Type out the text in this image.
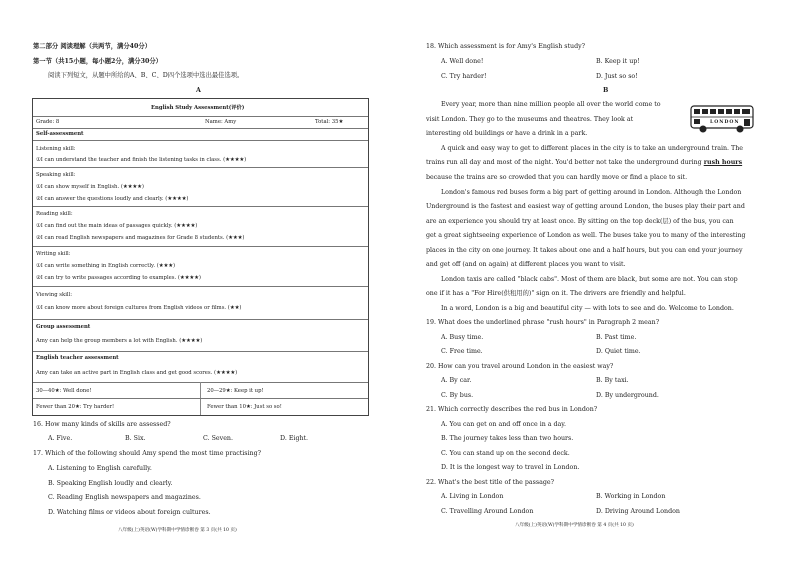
第二部分 阅读理解（共两节，满分40分）
第一节（共15小题，每小题2分，满分30分）
阅读下列短文，从题中所给的A、B、C、D四个选项中选出最佳选项。
A
English Study Assessment(评价)
Grade: 8	Name: Amy	Total: 35★
Self-assessment
Listening skill:
①I can understand the teacher and finish the listening tasks in class. (★★★★)
Speaking skill:
①I can show myself in English. (★★★★)
②I can answer the questions loudly and clearly. (★★★★)
Reading skill:
①I can find out the main ideas of passages quickly. (★★★★)
②I can read English newspapers and magazines for Grade 8 students. (★★★)
Writing skill:
①I can write something in English correctly. (★★★)
②I can try to write passages according to examples. (★★★★)
Viewing skill:
①I can know more about foreign cultures from English videos or films. (★★)
Group assessment
Amy can help the group members a lot with English. (★★★★)
English teacher assessment
Amy can take an active part in English class and get good scores. (★★★★)
30—40★: Well done!	20—29★: Keep it up!
Fewer than 20★: Try harder!	Fewer than 10★: Just so so!
16. How many kinds of skills are assessed?
A. Five.	B. Six.	C. Seven.	D. Eight.
17. Which of the following should Amy spend the most time practising?
A. Listening to English carefully.
B. Speaking English loudly and clearly.
C. Reading English newspapers and magazines.
D. Watching films or videos about foreign cultures.
八年级(上)英语(W)学科期中学情诊断卷 第 3 页(共 10 页)
18. Which assessment is for Amy's English study?
A. Well done!	B. Keep it up!
C. Try harder!	D. Just so so!
B
LONDON
Every year, more than nine million people all over the world come to
visit London. They go to the museums and theatres. They look at
interesting old buildings or have a drink in a park.
A quick and easy way to get to different places in the city is to take an underground train. The
trains run all day and most of the night. You'd better not take the underground during rush hours
because the trains are so crowded that you can hardly move or find a place to sit.
London's famous red buses form a big part of getting around in London. Although the London
Underground is the fastest and easiest way of getting around London, the buses play their part and
are an experience you should try at least once. By sitting on the top deck(层) of the bus, you can
get a great sightseeing experience of London as well. The buses take you to many of the interesting
places in the city on one journey. It takes about one and a half hours, but you can end your journey
and get off (and on again) at different places you want to visit.
London taxis are called "black cabs". Most of them are black, but some are not. You can stop
one if it has a "For Hire(供租用的)" sign on it. The drivers are friendly and helpful.
In a word, London is a big and beautiful city — with lots to see and do. Welcome to London.
19. What does the underlined phrase "rush hours" in Paragraph 2 mean?
A. Busy time.	B. Past time.
C. Free time.	D. Quiet time.
20. How can you travel around London in the easiest way?
A. By car.	B. By taxi.
C. By bus.	D. By underground.
21. Which correctly describes the red bus in London?
A. You can get on and off once in a day.
B. The journey takes less than two hours.
C. You can stand up on the second deck.
D. It is the longest way to travel in London.
22. What's the best title of the passage?
A. Living in London	B. Working in London
C. Travelling Around London	D. Driving Around London
八年级(上)英语(W)学科期中学情诊断卷 第 4 页(共 10 页)
